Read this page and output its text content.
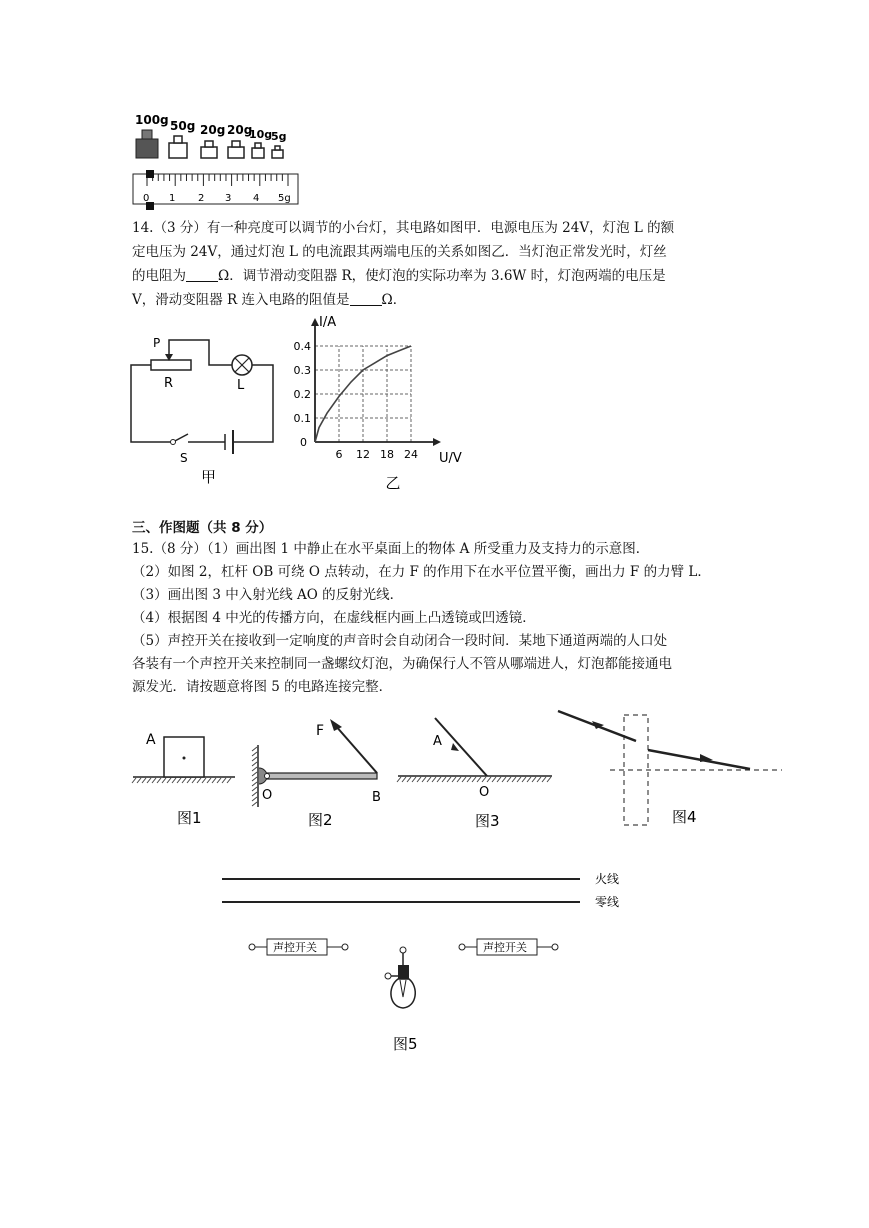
100g 50g 20g 20g
10g
5g
0 1 2 3 4 5g
14.（3 分）有一种亮度可以调节的小台灯，其电路如图甲．电源电压为 24V，灯泡 L 的额
定电压为 24V，通过灯泡 L 的电流跟其两端电压的关系如图乙．当灯泡正常发光时，灯丝
的电阻为 Ω．调节滑动变阻器 R，使灯泡的实际功率为 3.6W 时，灯泡两端的电压是
V，滑动变阻器 R 连入电路的阻值是 Ω．
P
R	L
S
甲
6 12 18 24
0.1
0.2
0.3
0.4
0
I/A
U/V
乙
三、作图题（共 8 分）
15.（8 分）（1）画出图 1 中静止在水平桌面上的物体 A 所受重力及支持力的示意图．
（2）如图 2，杠杆 OB 可绕 O 点转动，在力 F 的作用下在水平位置平衡，画出力 F 的力臂 L．
（3）画出图 3 中入射光线 AO 的反射光线．
（4）根据图 4 中光的传播方向，在虚线框内画上凸透镜或凹透镜．
（5）声控开关在接收到一定响度的声音时会自动闭合一段时间．某地下通道两端的人口处
各装有一个声控开关来控制同一盏螺纹灯泡，为确保行人不管从哪端进人，灯泡都能接通电
源发光．请按题意将图 5 的电路连接完整．
A
图1
F
O	B
图2
A
O
图3	图4
火线
零线
声控开关	声控开关
图5
